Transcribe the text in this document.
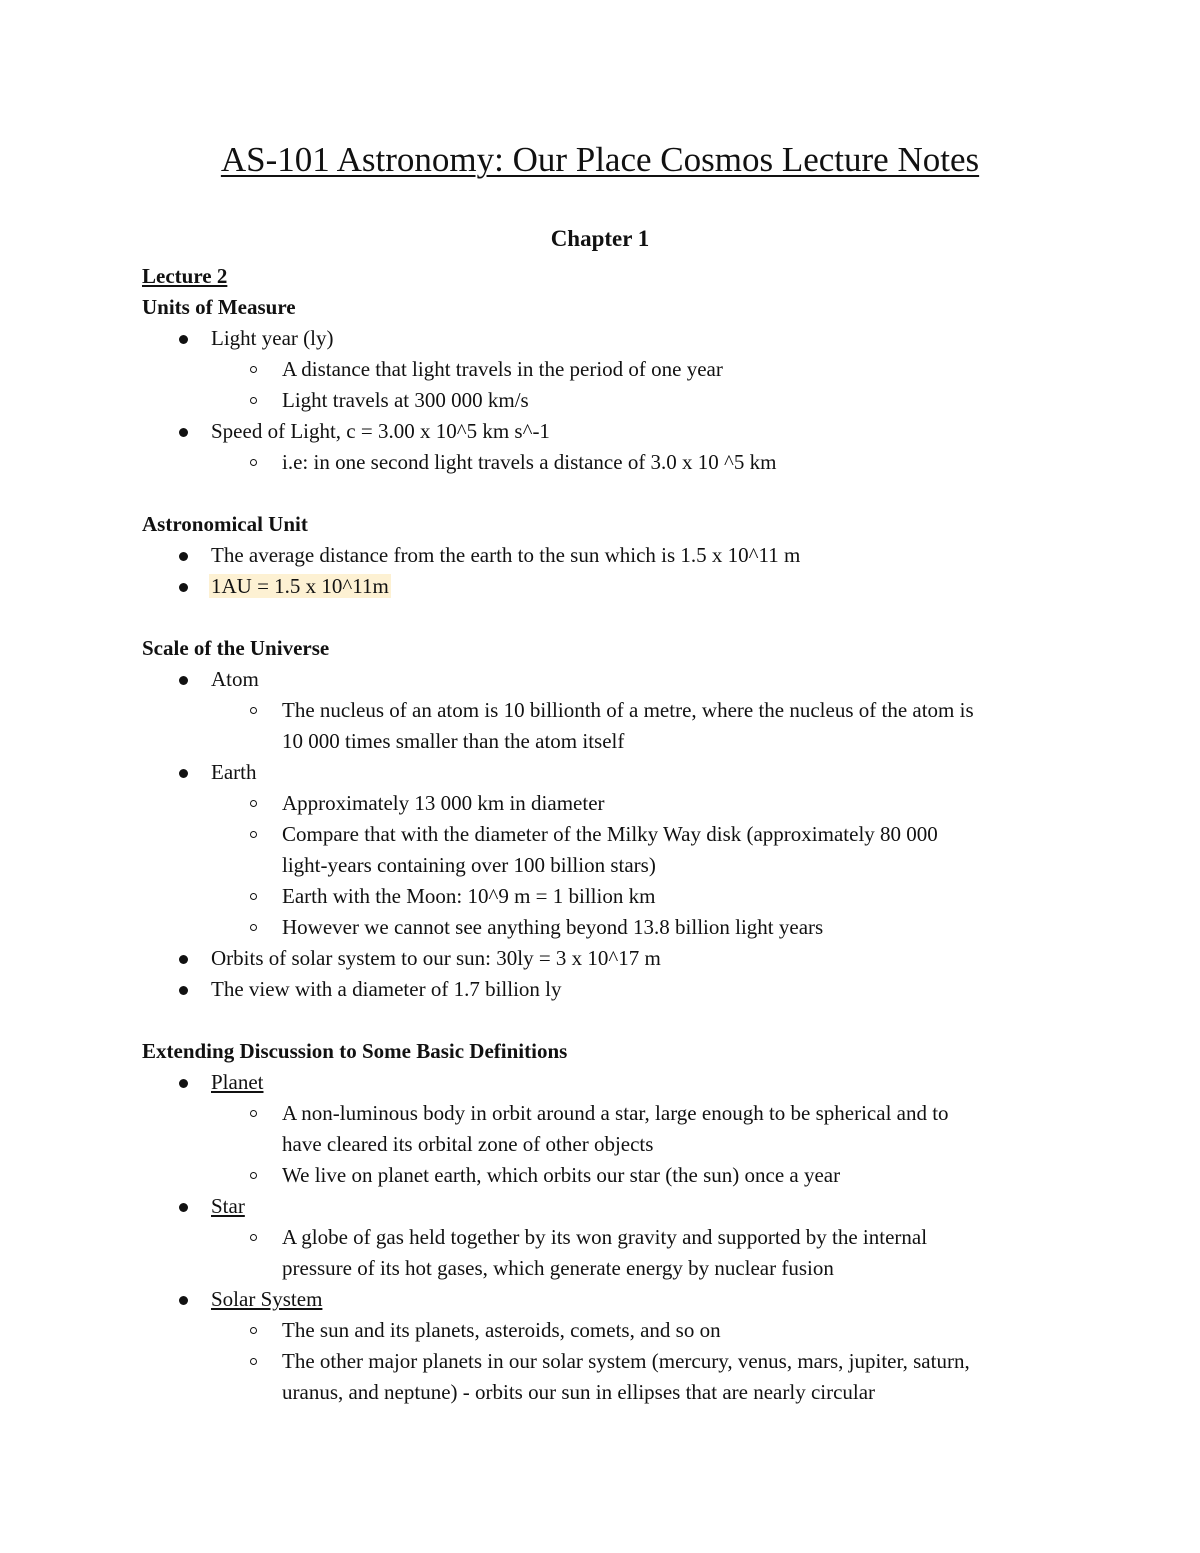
AS-101 Astronomy: Our Place Cosmos Lecture Notes
Chapter 1

Lecture 2

Units of Measure

Light year (ly)
A distance that light travels in the period of one year
Light travels at 300 000 km/s
Speed of Light, c = 3.00 x 10^5 km s^-1
i.e: in one second light travels a distance of 3.0 x 10 ^5 km

Astronomical Unit

The average distance from the earth to the sun which is 1.5 x 10^11 m
1AU = 1.5 x 10^11m

Scale of the Universe

Atom
The nucleus of an atom is 10 billionth of a metre, where the nucleus of the atom is
10 000 times smaller than the atom itself
Earth
Approximately 13 000 km in diameter
Compare that with the diameter of the Milky Way disk (approximately 80 000
light-years containing over 100 billion stars)
Earth with the Moon: 10^9 m = 1 billion km
However we cannot see anything beyond 13.8 billion light years
Orbits of solar system to our sun: 30ly = 3 x 10^17 m
The view with a diameter of 1.7 billion ly

Extending Discussion to Some Basic Definitions

Planet
A non-luminous body in orbit around a star, large enough to be spherical and to
have cleared its orbital zone of other objects
We live on planet earth, which orbits our star (the sun) once a year
Star
A globe of gas held together by its won gravity and supported by the internal
pressure of its hot gases, which generate energy by nuclear fusion
Solar System
The sun and its planets, asteroids, comets, and so on
The other major planets in our solar system (mercury, venus, mars, jupiter, saturn,
uranus, and neptune) - orbits our sun in ellipses that are nearly circular
